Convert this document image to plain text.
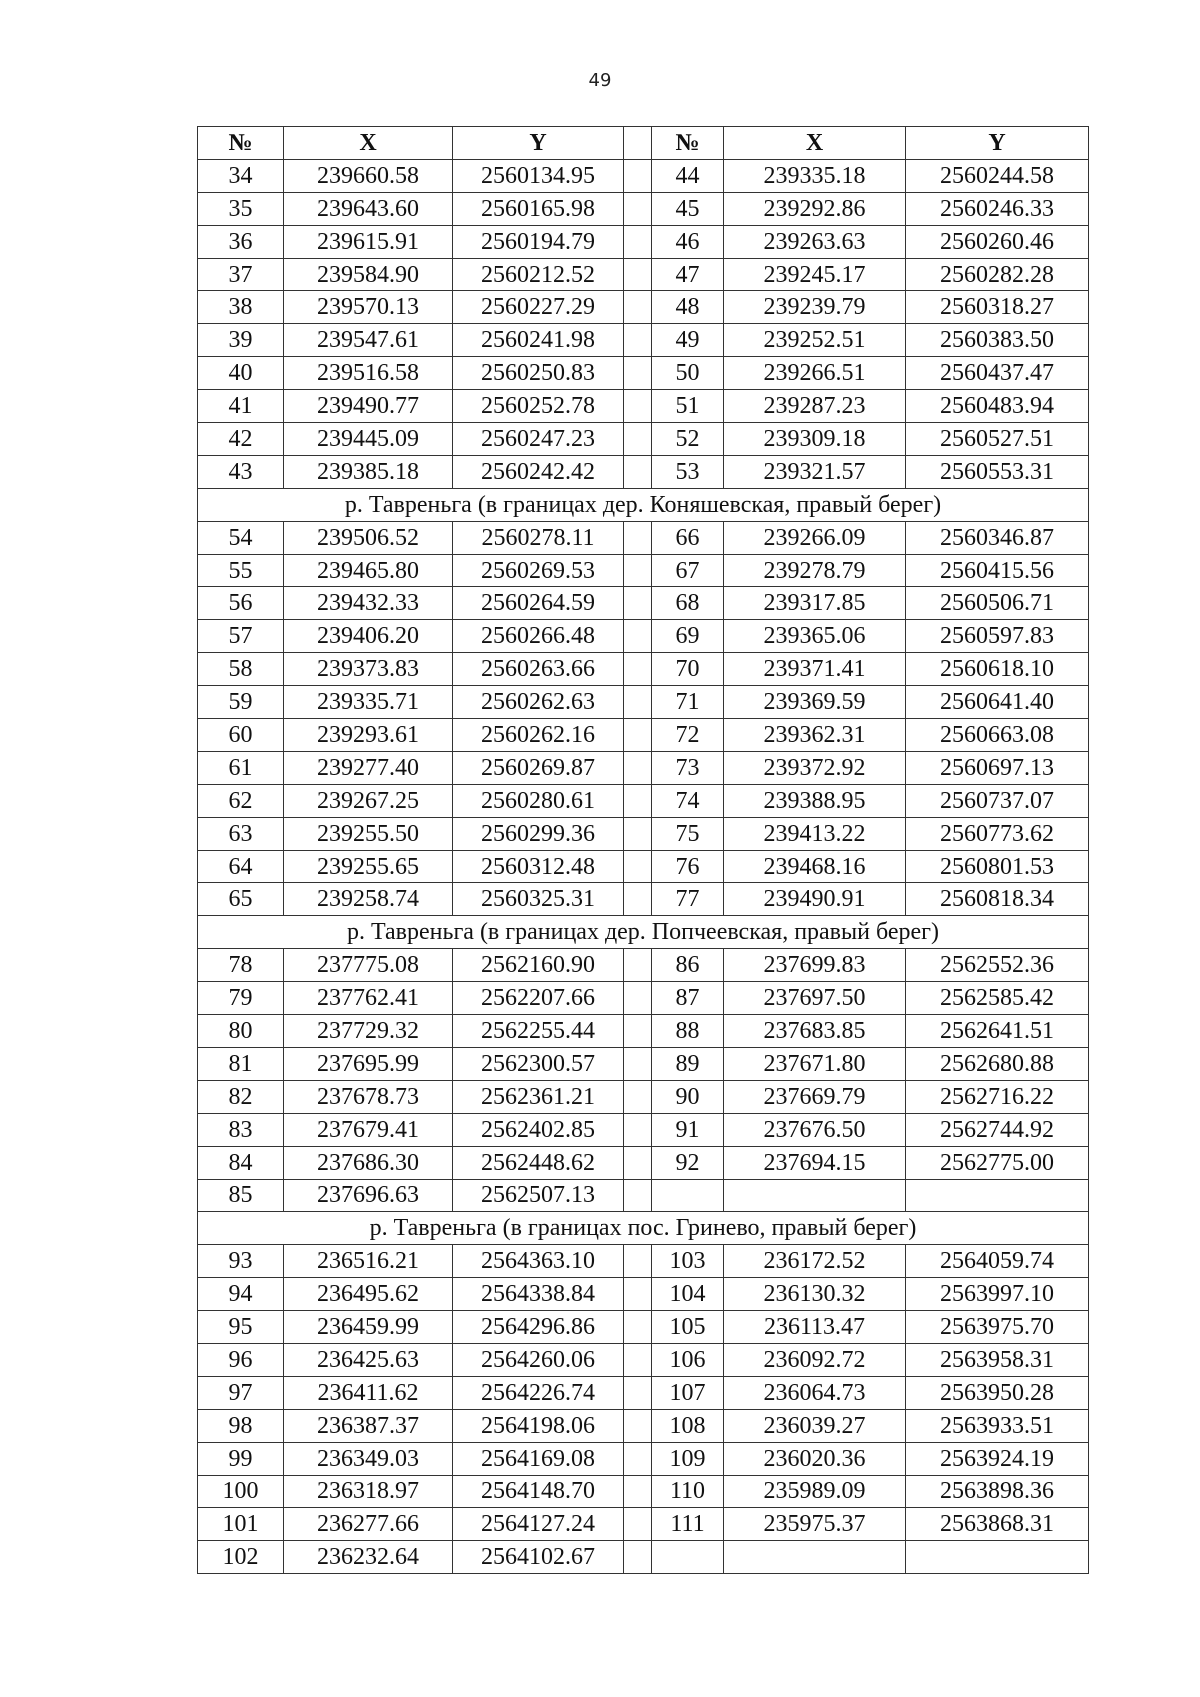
49
№	X	Y		№	X	Y
34	239660.58	2560134.95		44	239335.18	2560244.58
35	239643.60	2560165.98		45	239292.86	2560246.33
36	239615.91	2560194.79		46	239263.63	2560260.46
37	239584.90	2560212.52		47	239245.17	2560282.28
38	239570.13	2560227.29		48	239239.79	2560318.27
39	239547.61	2560241.98		49	239252.51	2560383.50
40	239516.58	2560250.83		50	239266.51	2560437.47
41	239490.77	2560252.78		51	239287.23	2560483.94
42	239445.09	2560247.23		52	239309.18	2560527.51
43	239385.18	2560242.42		53	239321.57	2560553.31
р. Тавреньга (в границах дер. Коняшевская, правый берег)						
54	239506.52	2560278.11		66	239266.09	2560346.87
55	239465.80	2560269.53		67	239278.79	2560415.56
56	239432.33	2560264.59		68	239317.85	2560506.71
57	239406.20	2560266.48		69	239365.06	2560597.83
58	239373.83	2560263.66		70	239371.41	2560618.10
59	239335.71	2560262.63		71	239369.59	2560641.40
60	239293.61	2560262.16		72	239362.31	2560663.08
61	239277.40	2560269.87		73	239372.92	2560697.13
62	239267.25	2560280.61		74	239388.95	2560737.07
63	239255.50	2560299.36		75	239413.22	2560773.62
64	239255.65	2560312.48		76	239468.16	2560801.53
65	239258.74	2560325.31		77	239490.91	2560818.34
р. Тавреньга (в границах дер. Попчеевская, правый берег)						
78	237775.08	2562160.90		86	237699.83	2562552.36
79	237762.41	2562207.66		87	237697.50	2562585.42
80	237729.32	2562255.44		88	237683.85	2562641.51
81	237695.99	2562300.57		89	237671.80	2562680.88
82	237678.73	2562361.21		90	237669.79	2562716.22
83	237679.41	2562402.85		91	237676.50	2562744.92
84	237686.30	2562448.62		92	237694.15	2562775.00
85	237696.63	2562507.13				
р. Тавреньга (в границах пос. Гринево, правый берег)						
93	236516.21	2564363.10		103	236172.52	2564059.74
94	236495.62	2564338.84		104	236130.32	2563997.10
95	236459.99	2564296.86		105	236113.47	2563975.70
96	236425.63	2564260.06		106	236092.72	2563958.31
97	236411.62	2564226.74		107	236064.73	2563950.28
98	236387.37	2564198.06		108	236039.27	2563933.51
99	236349.03	2564169.08		109	236020.36	2563924.19
100	236318.97	2564148.70		110	235989.09	2563898.36
101	236277.66	2564127.24		111	235975.37	2563868.31
102	236232.64	2564102.67				
